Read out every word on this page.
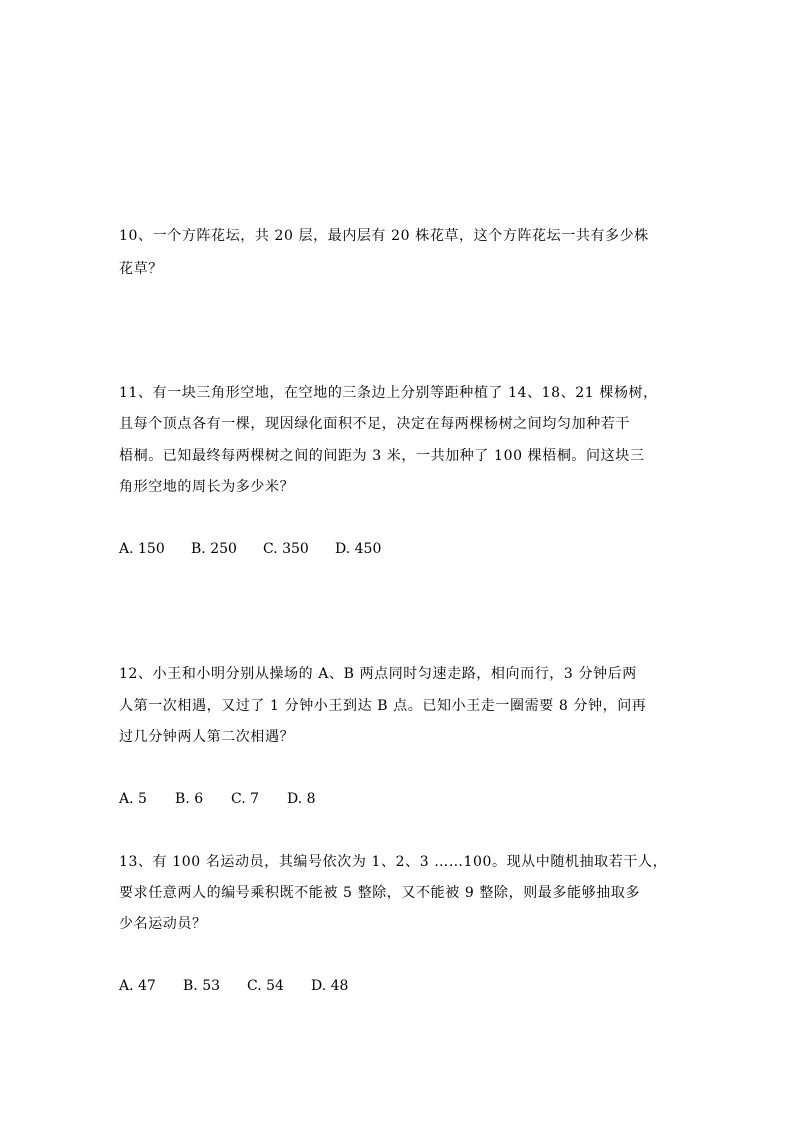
10、一个方阵花坛，共 20 层，最内层有 20 株花草，这个方阵花坛一共有多少株
花草？
11、有一块三角形空地，在空地的三条边上分别等距种植了 14、18、21 棵杨树，
且每个顶点各有一棵，现因绿化面积不足，决定在每两棵杨树之间均匀加种若干
梧桐。已知最终每两棵树之间的间距为 3 米，一共加种了 100 棵梧桐。问这块三
角形空地的周长为多少米？
A. 150	B. 250	C. 350	D. 450
12、小王和小明分别从操场的 A、B 两点同时匀速走路，相向而行，3 分钟后两
人第一次相遇，又过了 1 分钟小王到达 B 点。已知小王走一圈需要 8 分钟，问再
过几分钟两人第二次相遇？
A. 5	B. 6	C. 7	D. 8
13、有 100 名运动员，其编号依次为 1、2、3 ……100。现从中随机抽取若干人，
要求任意两人的编号乘积既不能被 5 整除，又不能被 9 整除，则最多能够抽取多
少名运动员？
A. 47	B. 53	C. 54	D. 48
